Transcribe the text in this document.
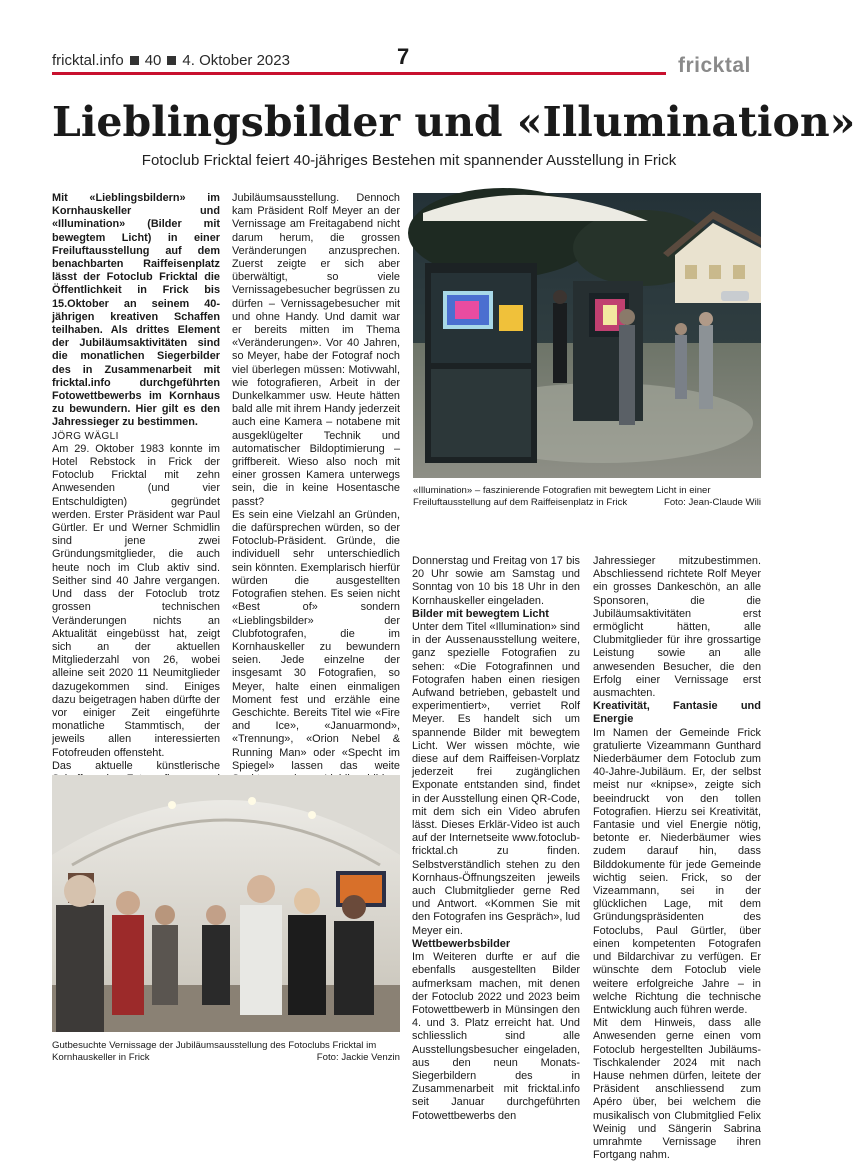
fricktal.info 40 4. Oktober 2023	7	fricktal
Lieblingsbilder und «Illumination»
Fotoclub Fricktal feiert 40-jähriges Bestehen mit spannender Ausstellung in Frick

Mit «Lieblingsbildern» im Kornhauskeller und «Illumination» (Bilder mit bewegtem Licht) in einer Freiluftausstellung auf dem benachbarten Raiffeisenplatz lässt der Fotoclub Fricktal die Öffentlichkeit in Frick bis 15.Oktober an seinem 40-jährigen kreativen Schaffen teilhaben. Als drittes Element der Jubiläumsaktivitäten sind die monatlichen Siegerbilder des in Zusammenarbeit mit fricktal.info durchgeführten Fotowettbewerbs im Kornhaus zu bewundern. Hier gilt es den Jahressieger zu bestimmen.

JÖRG WÄGLI

Am 29. Oktober 1983 konnte im Hotel Rebstock in Frick der Fotoclub Fricktal mit zehn Anwesenden (und vier Entschuldigten) gegründet werden. Erster Präsident war Paul Gürtler. Er und Werner Schmidlin sind jene zwei Gründungsmitglieder, die auch heute noch im Club aktiv sind. Seither sind 40 Jahre vergangen. Und dass der Fotoclub trotz grossen technischen Veränderungen nichts an Aktualität eingebüsst hat, zeigt sich an der aktuellen Mitgliederzahl von 26, wobei alleine seit 2020 11 Neumitglieder dazugekommen sind. Einiges dazu beigetragen haben dürfte der vor einiger Zeit eingeführte monatliche Stammtisch, der jeweils allen interessierten Fotofreuden offensteht.

Das aktuelle künstlerische

Jubiläumsausstellung. Dennoch kam Präsident Rolf Meyer an der Vernissage am Freitagabend nicht darum herum, die grossen Veränderungen anzusprechen. Zuerst zeigte er sich aber überwältigt, so viele Vernissagebesucher begrüssen zu dürfen – Vernissagebesucher mit und ohne Handy. Und damit war er bereits mitten im Thema «Veränderungen». Vor 40 Jahren, so Meyer, habe der Fotograf noch viel überlegen müssen: Motivwahl, wie fotografieren, Arbeit in der Dunkelkammer usw. Heute hätten bald alle mit ihrem Handy jederzeit auch eine Kamera – notabene mit ausgeklügelter Technik und automatischer Bildoptimierung – griffbereit. Wieso also noch mit einer grossen Kamera unterwegs sein, die in keine Hosentasche passt?

Es sein eine Vielzahl an Gründen, die dafürsprechen würden, so der Fotoclub-Präsident. Gründe, die individuell sehr unterschiedlich sein könnten. Exemplarisch hierfür würden die ausgestellten Fotografien stehen. Es seien nicht «Best of» sondern «Lieblingsbilder» der Clubfotografen, die im Kornhauskeller zu bewundern seien. Jede einzelne der insgesamt 30 Fotografien, so Meyer, halte einen einmaligen Moment fest und erzähle eine Geschichte. Bereits Titel wie «Fire and Ice», «Januarmond», «Trennung», «Orion Nebel & Running Man» oder «Specht im Spiegel» lassen das weite

«Illumination» – faszinierende Fotografien mit bewegtem Licht in einer Freiluftausstellung auf dem Raiffeisenplatz in Frick	Foto: Jean-Claude Wili

Donnerstag und Freitag von 17 bis 20 Uhr sowie am Samstag und Sonntag von 10 bis 18 Uhr in den Kornhauskeller eingeladen.

Bilder mit bewegtem Licht

Unter dem Titel «Illumination» sind in der Aussenausstellung weitere, ganz spezielle Fotografien zu sehen: «Die Fotografinnen und Fotografen haben einen riesigen Aufwand betrieben, gebastelt und experimentiert», verriet Rolf Meyer. Es handelt sich um spannende Bilder mit bewegtem Licht. Wer wissen möchte, wie diese auf dem Raiffeisen-Vorplatz jederzeit frei zugänglichen Exponate entstanden sind, findet in der Ausstellung einen QR-Code, mit dem sich ein Video abrufen lässt. Dieses Erklär-Video ist auch auf der Internetseite www.fotoclub-fricktal.ch zu finden. Selbstverständlich stehen zu den Kornhaus-Öffnungszeiten jeweils auch Clubmitglieder gerne Red und Antwort. «Kommen Sie mit den Fotografen ins Gespräch», lud Meyer ein.

Wettbewerbsbilder

Im Weiteren durfte er auf die ebenfalls ausgestellten Bilder aufmerksam machen, mit denen der Fotoclub 2022 und 2023 beim Fotowettbewerb in Münsingen den 4. und 3. Platz erreicht hat. Und schliesslich sind alle Ausstellungsbesucher eingeladen, aus den neun Monats-Siegerbildern des in Zusammenarbeit mit fricktal.info seit Januar durchgeführten Fotowettbewerbs den

Jahressieger mitzubestimmen. Abschliessend richtete Rolf Meyer ein grosses Dankeschön, an alle Sponsoren, die die Jubiläumsaktivitäten erst ermöglicht hätten, alle Clubmitglieder für ihre grossartige Leistung sowie an alle anwesenden Besucher, die den Erfolg einer Vernissage erst ausmachten.

Kreativität, Fantasie und Energie

Im Namen der Gemeinde Frick gratulierte Vizeammann Gunthard Niederbäumer dem Fotoclub zum 40-Jahre-Jubiläum. Er, der selbst meist nur «knipse», zeigte sich beeindruckt von den tollen Fotografien. Hierzu sei Kreativität, Fantasie und viel Energie nötig, betonte er. Niederbäumer wies zudem darauf hin, dass Bilddokumente für jede Gemeinde wichtig seien. Frick, so der Vizeammann, sei in der glücklichen Lage, mit dem Gründungspräsidenten des Fotoclubs, Paul Gürtler, über einen kompetenten Fotografen und Bildarchivar zu verfügen. Er wünschte dem Fotoclub viele weitere erfolgreiche Jahre – in welche Richtung die technische Entwicklung auch führen werde.

Mit dem Hinweis, dass alle Anwesenden gerne einen vom Fotoclub hergestellten Jubiläums-Tischkalender 2024 mit nach Hause nehmen dürfen, leitete der Präsident anschliessend zum Apéro über, bei welchem die musikalisch von Clubmitglied Felix Weinig und Sängerin Sabrina umrahmte Vernissage ihren Fortgang nahm.

Gutbesuchte Vernissage der Jubiläumsausstellung des Fotoclubs Fricktal im Kornhauskeller in Frick	Foto: Jackie Venzin
